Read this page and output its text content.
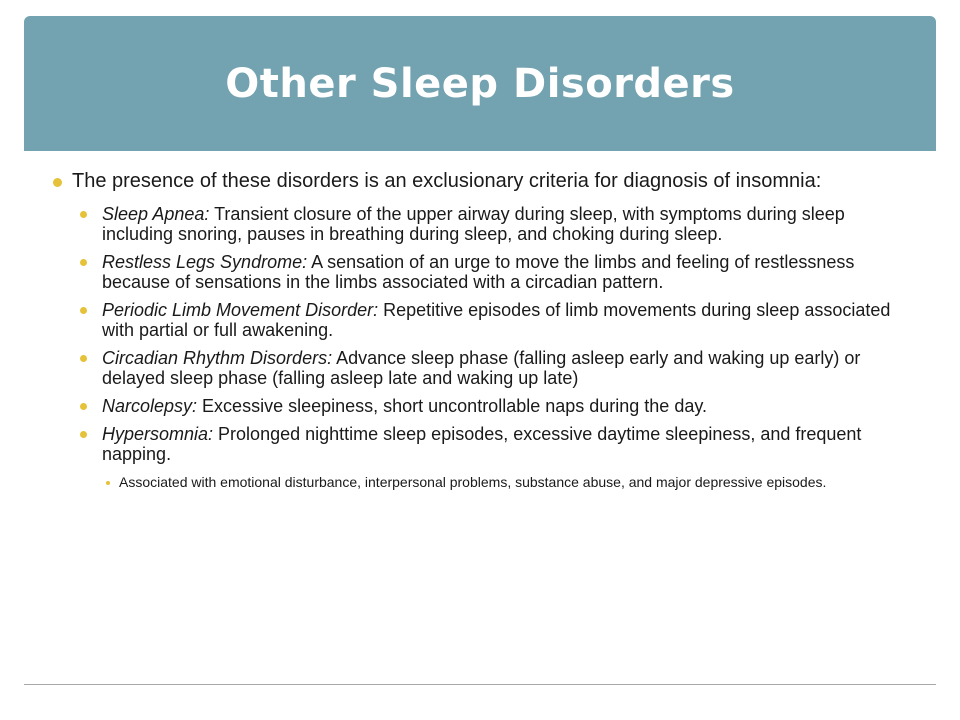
Other Sleep Disorders
The presence of these disorders is an exclusionary criteria for diagnosis of insomnia:
Sleep Apnea: Transient closure of the upper airway during sleep, with symptoms during sleep including snoring, pauses in breathing during sleep, and choking during sleep.
Restless Legs Syndrome: A sensation of an urge to move the limbs and feeling of restlessness because of sensations in the limbs associated with a circadian pattern.
Periodic Limb Movement Disorder: Repetitive episodes of limb movements during sleep associated with partial or full awakening.
Circadian Rhythm Disorders: Advance sleep phase (falling asleep early and waking up early) or delayed sleep phase (falling asleep late and waking up late)
Narcolepsy: Excessive sleepiness, short uncontrollable naps during the day.
Hypersomnia: Prolonged nighttime sleep episodes, excessive daytime sleepiness, and frequent napping.
Associated with emotional disturbance, interpersonal problems, substance abuse, and major depressive episodes.
